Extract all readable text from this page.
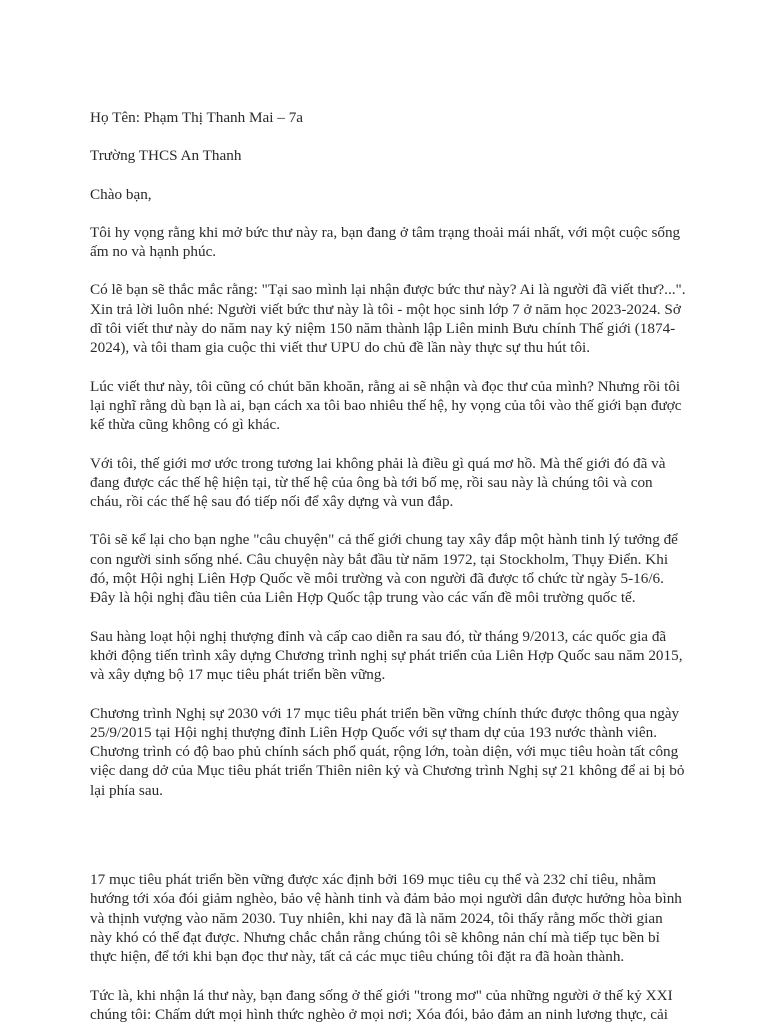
Họ Tên: Phạm Thị Thanh Mai – 7a

Trường THCS An Thanh

Chào bạn,

Tôi hy vọng rằng khi mở bức thư này ra, bạn đang ở tâm trạng thoải mái nhất, với một cuộc sống ấm no và hạnh phúc.

Có lẽ bạn sẽ thắc mắc rằng: "Tại sao mình lại nhận được bức thư này? Ai là người đã viết thư?...". Xin trả lời luôn nhé: Người viết bức thư này là tôi - một học sinh lớp 7 ở năm học 2023-2024. Sở dĩ tôi viết thư này do năm nay kỷ niệm 150 năm thành lập Liên minh Bưu chính Thế giới (1874-2024), và tôi tham gia cuộc thi viết thư UPU do chủ đề lần này thực sự thu hút tôi.

Lúc viết thư này, tôi cũng có chút băn khoăn, rằng ai sẽ nhận và đọc thư của mình? Nhưng rồi tôi lại nghĩ rằng dù bạn là ai, bạn cách xa tôi bao nhiêu thế hệ, hy vọng của tôi vào thế giới bạn được kế thừa cũng không có gì khác.

Với tôi, thế giới mơ ước trong tương lai không phải là điều gì quá mơ hồ. Mà thế giới đó đã và đang được các thế hệ hiện tại, từ thế hệ của ông bà tới bố mẹ, rồi sau này là chúng tôi và con cháu, rồi các thế hệ sau đó tiếp nối để xây dựng và vun đắp.

Tôi sẽ kể lại cho bạn nghe "câu chuyện" cả thế giới chung tay xây đắp một hành tinh lý tưởng để con người sinh sống nhé. Câu chuyện này bắt đầu từ năm 1972, tại Stockholm, Thụy Điển. Khi đó, một Hội nghị Liên Hợp Quốc về môi trường và con người đã được tổ chức từ ngày 5-16/6. Đây là hội nghị đầu tiên của Liên Hợp Quốc tập trung vào các vấn đề môi trường quốc tế.

Sau hàng loạt hội nghị thượng đỉnh và cấp cao diễn ra sau đó, từ tháng 9/2013, các quốc gia đã khởi động tiến trình xây dựng Chương trình nghị sự phát triển của Liên Hợp Quốc sau năm 2015, và xây dựng bộ 17 mục tiêu phát triển bền vững.

Chương trình Nghị sự 2030 với 17 mục tiêu phát triển bền vững chính thức được thông qua ngày 25/9/2015 tại Hội nghị thượng đỉnh Liên Hợp Quốc với sự tham dự của 193 nước thành viên. Chương trình có độ bao phủ chính sách phổ quát, rộng lớn, toàn diện, với mục tiêu hoàn tất công việc dang dở của Mục tiêu phát triển Thiên niên kỷ và Chương trình Nghị sự 21 không để ai bị bỏ lại phía sau.

17 mục tiêu phát triển bền vững được xác định bởi 169 mục tiêu cụ thể và 232 chỉ tiêu, nhằm hướng tới xóa đói giảm nghèo, bảo vệ hành tinh và đảm bảo mọi người dân được hưởng hòa bình và thịnh vượng vào năm 2030. Tuy nhiên, khi nay đã là năm 2024, tôi thấy rằng mốc thời gian này khó có thể đạt được. Nhưng chắc chắn rằng chúng tôi sẽ không nản chí mà tiếp tục bền bỉ thực hiện, để tới khi bạn đọc thư này, tất cả các mục tiêu chúng tôi đặt ra đã hoàn thành.

Tức là, khi nhận lá thư này, bạn đang sống ở thế giới "trong mơ" của những người ở thế kỷ XXI chúng tôi: Chấm dứt mọi hình thức nghèo ở mọi nơi; Xóa đói, bảo đảm an ninh lương thực, cải
